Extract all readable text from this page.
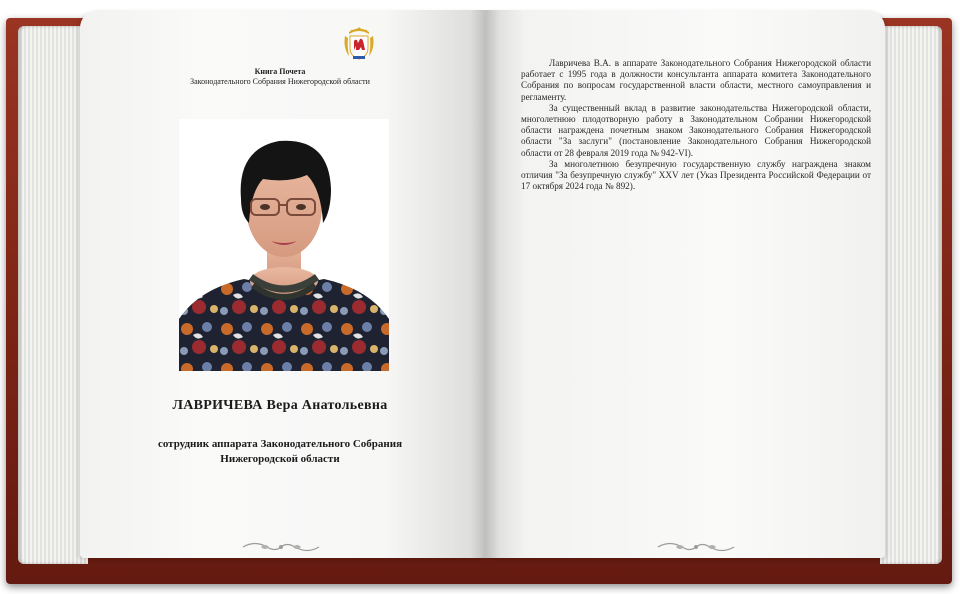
Книга Почета
Законодательного Собрания Нижегородской области
ЛАВРИЧЕВА Вера Анатольевна
сотрудник аппарата Законодательного Собрания
Нижегородской области

Лавричева В.А. в аппарате Законодательного Собрания Нижегородской области работает с 1995 года в должности консультанта аппарата комитета Законодательного Собрания по вопросам государственной власти области, местного самоуправления и регламенту.

За существенный вклад в развитие законодательства Нижегородской области, многолетнюю плодотворную работу в Законодательном Собрании Нижегородской области награждена почетным знаком Законодательного Собрания Нижегородской области "За заслуги" (постановление Законодательного Собрания Нижегородской области от 28 февраля 2019 года № 942-VI).

За многолетнюю безупречную государственную службу награждена знаком отличия "За безупречную службу" XXV лет (Указ Президента Российской Федерации от 17 октября 2024 года № 892).
